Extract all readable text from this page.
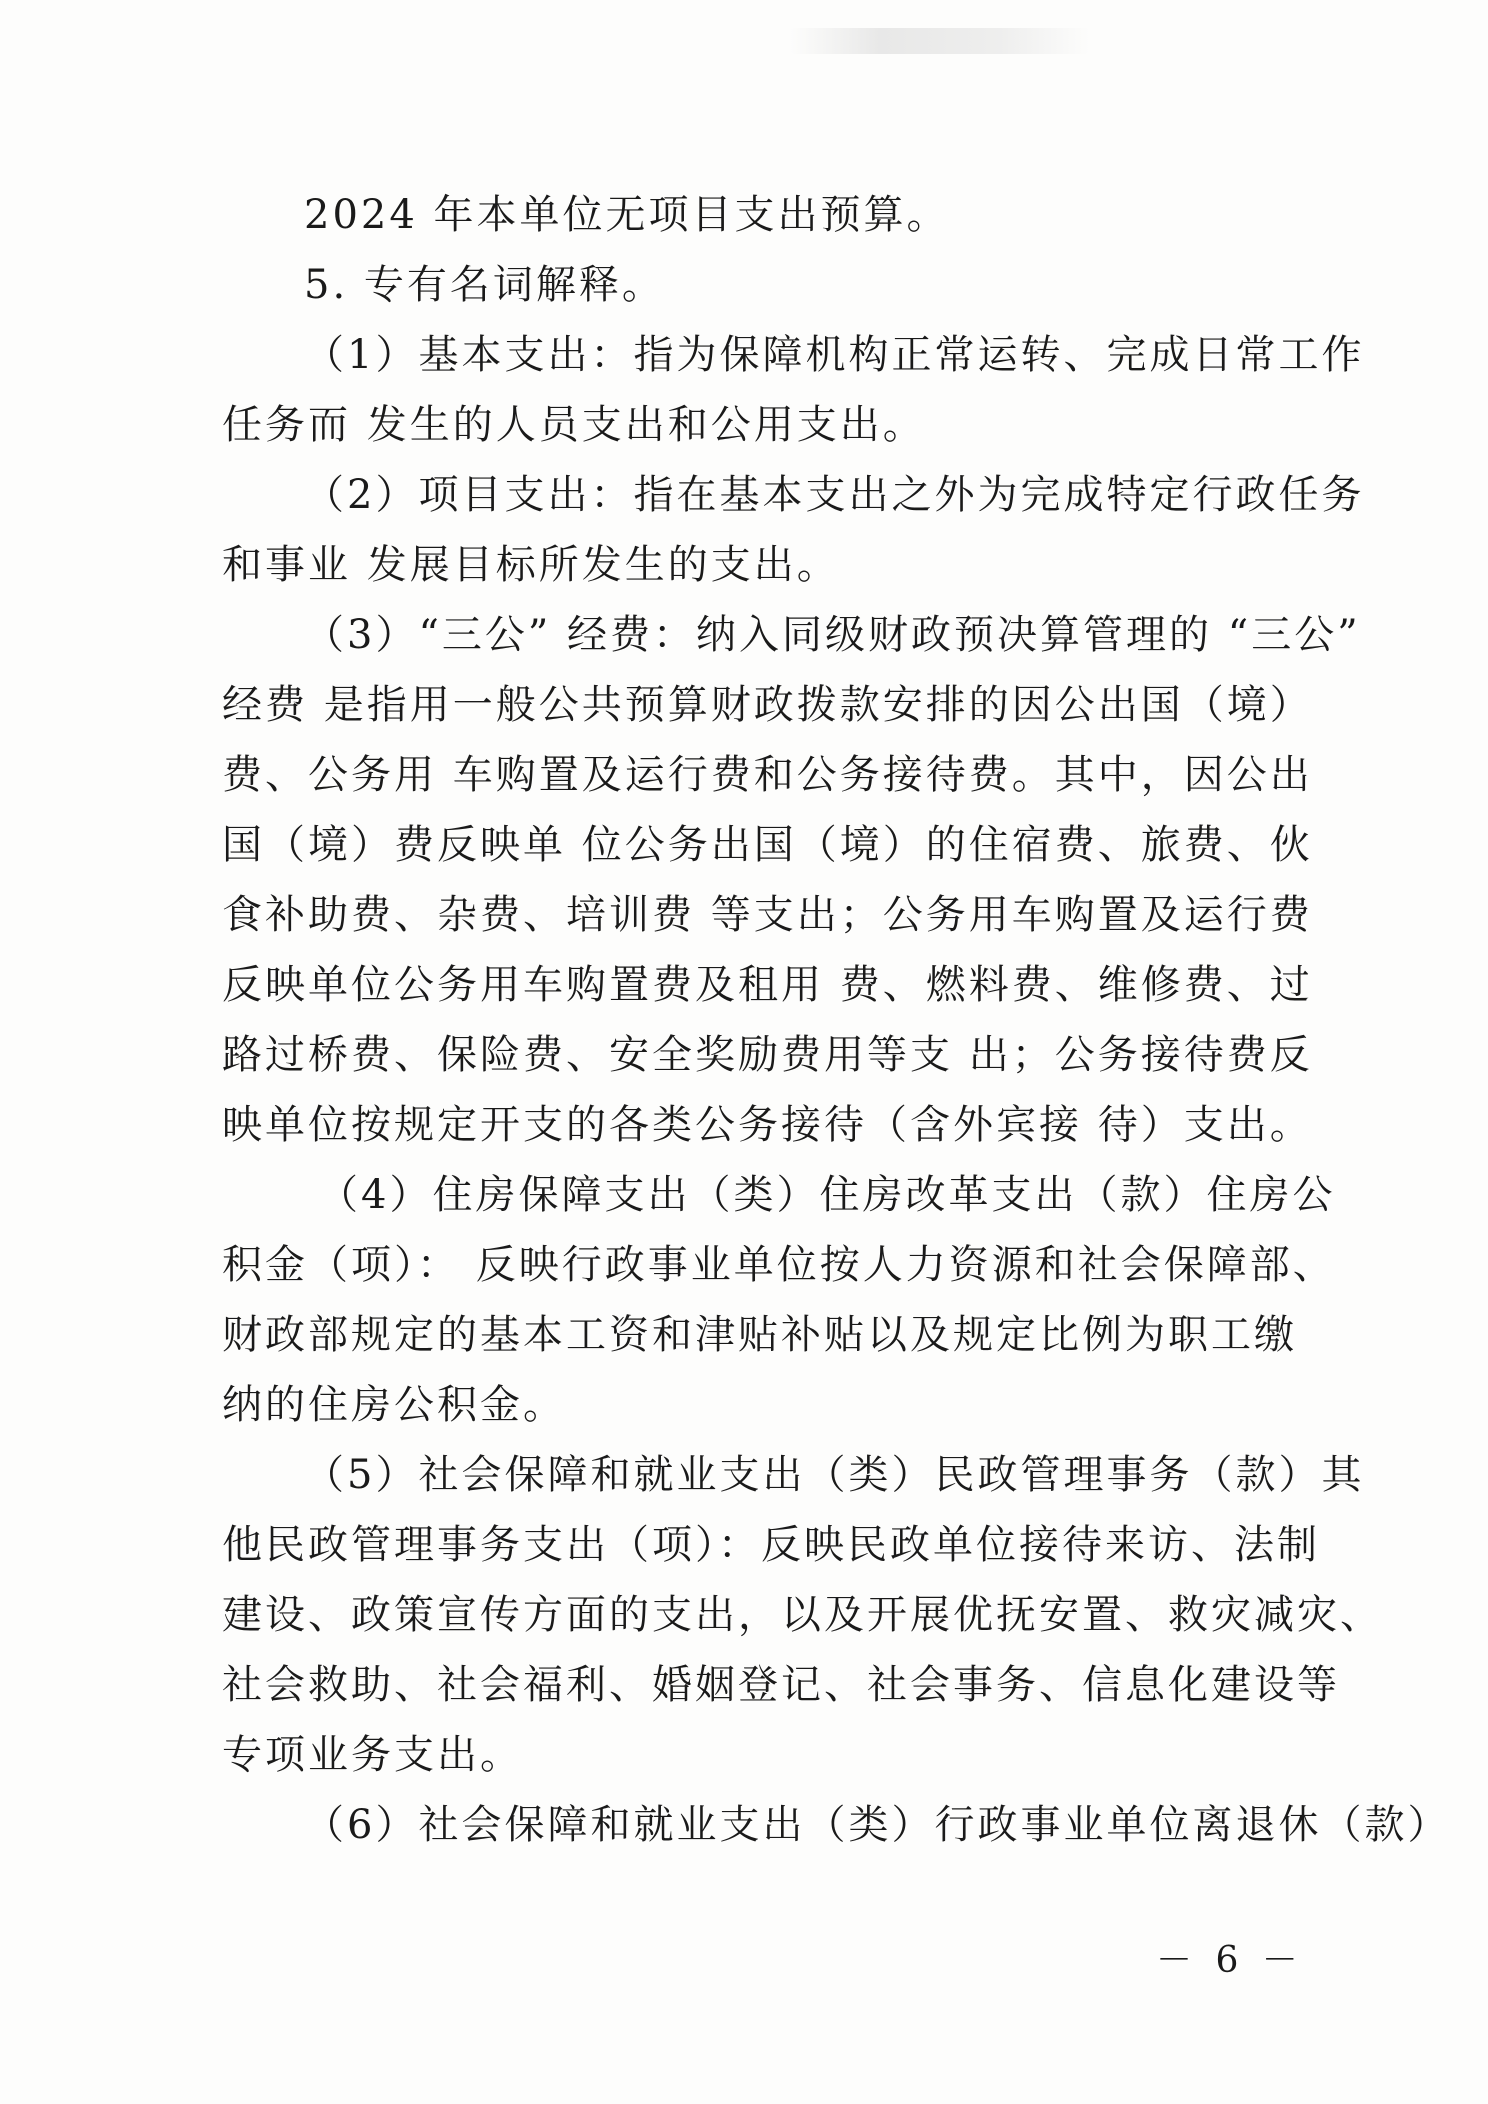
2024 年本单位无项目支出预算。

5. 专有名词解释。

（1）基本支出：指为保障机构正常运转、完成日常工作

任务而 发生的人员支出和公用支出。

（2）项目支出：指在基本支出之外为完成特定行政任务

和事业 发展目标所发生的支出。

（3）“三公” 经费：纳入同级财政预决算管理的 “三公”

经费 是指用一般公共预算财政拨款安排的因公出国（境）

费、公务用 车购置及运行费和公务接待费。其中，因公出

国（境）费反映单 位公务出国（境）的住宿费、旅费、伙

食补助费、杂费、培训费 等支出；公务用车购置及运行费

反映单位公务用车购置费及租用 费、燃料费、维修费、过

路过桥费、保险费、安全奖励费用等支 出；公务接待费反

映单位按规定开支的各类公务接待（含外宾接 待）支出。

（4）住房保障支出（类）住房改革支出（款）住房公

积金（项）： 反映行政事业单位按人力资源和社会保障部、

财政部规定的基本工资和津贴补贴以及规定比例为职工缴

纳的住房公积金。

（5）社会保障和就业支出（类）民政管理事务（款）其

他民政管理事务支出（项）：反映民政单位接待来访、法制

建设、政策宣传方面的支出，以及开展优抚安置、救灾减灾、

社会救助、社会福利、婚姻登记、社会事务、信息化建设等

专项业务支出。

（6）社会保障和就业支出（类）行政事业单位离退休（款）

－ 6 －
